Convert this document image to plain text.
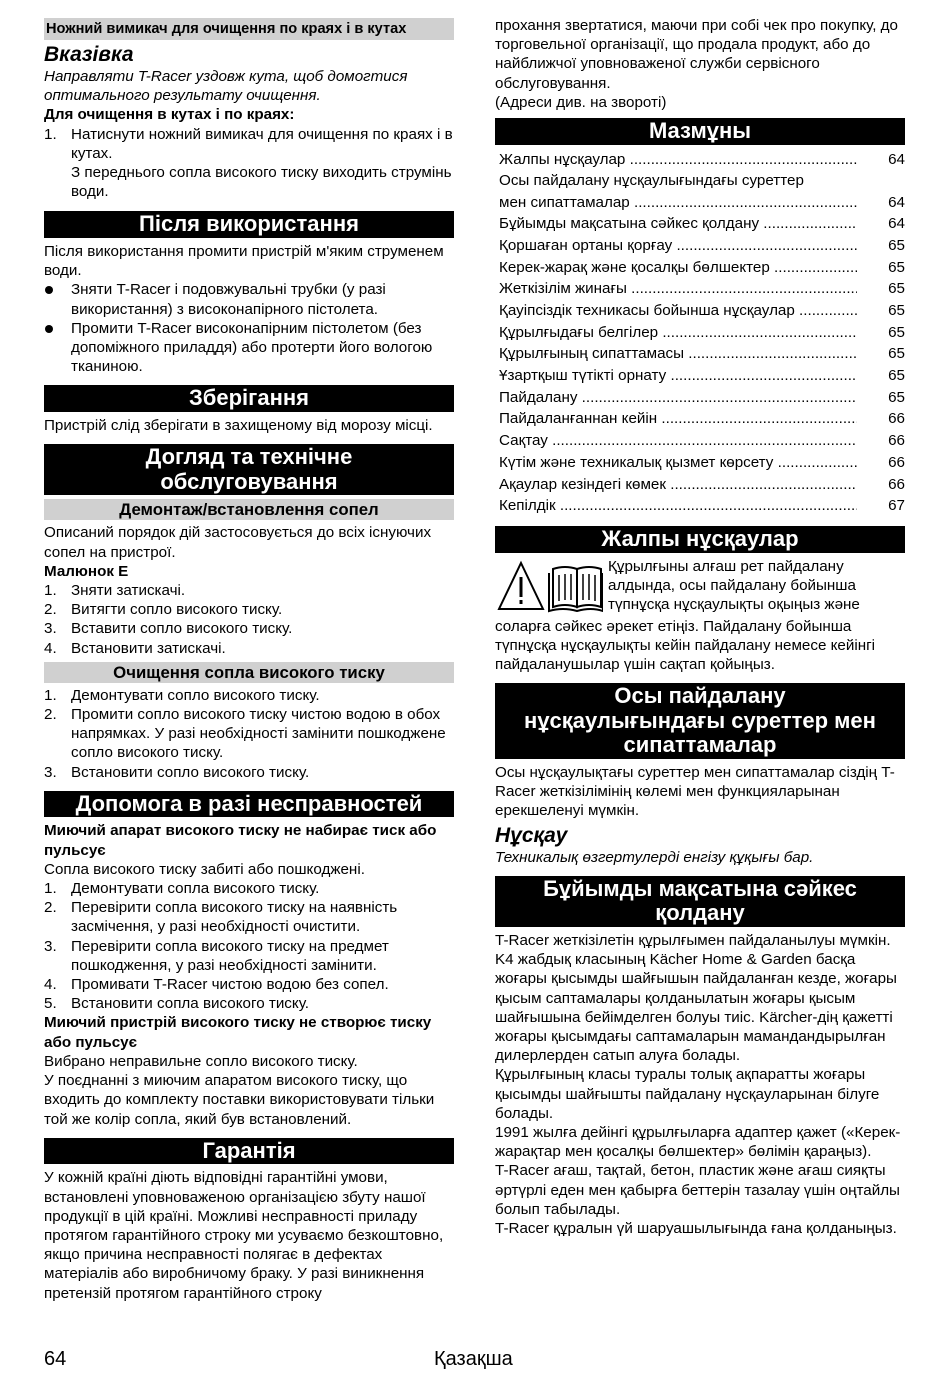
Ножний вимикач для очищення по краях і в кутах
Вказівка

Направляти T-Racer уздовж кута, щоб домогтися оптимального результату очищення.

Для очищення в кутах і по краях:

1. Натиснути ножний вимикач для очищення по краях і в кутах.

З переднього сопла високого тиску виходить струмінь води.

Після використання

Після використання промити пристрій м'яким струменем води.

Зняти T-Racer і подовжувальні трубки (у разі використання) з високонапірного пістолета.
Промити T-Racer високонапірним пістолетом (без допоміжного приладдя) або протерти його вологою тканиною.
Зберігання

Пристрій слід зберігати в захищеному від морозу місці.

Догляд та технічне
обслуговування
Демонтаж/встановлення сопел

Описаний порядок дій застосовується до всіх існуючих сопел на пристрої.

Малюнок E

1. Зняти затискачі.
2. Витягти сопло високого тиску.
3. Вставити сопло високого тиску.
4. Встановити затискачі.
Очищення сопла високого тиску
1. Демонтувати сопло високого тиску.
2. Промити сопло високого тиску чистою водою в обох напрямках. У разі необхідності замінити пошкоджене сопло високого тиску.
3. Встановити сопло високого тиску.
Допомога в разі несправностей

Миючий апарат високого тиску не набирає тиск або пульсує

Сопла високого тиску забиті або пошкоджені.

1. Демонтувати сопла високого тиску.
2. Перевірити сопла високого тиску на наявність засмічення, у разі необхідності очистити.
3. Перевірити сопла високого тиску на предмет пошкодження, у разі необхідності замінити.
4. Промивати T-Racer чистою водою без сопел.
5. Встановити сопла високого тиску.

Миючий пристрій високого тиску не створює тиску або пульсує

Вибрано неправильне сопло високого тиску.

У поєднанні з миючим апаратом високого тиску, що входить до комплекту поставки використовувати тільки той же колір сопла, який був встановлений.

Гарантія

У кожній країні діють відповідні гарантійні умови, встановлені уповноваженою організацією збуту нашої продукції в цій країні. Можливі несправності приладу протягом гарантійного строку ми усуваємо безкоштовно, якщо причина несправності полягає в дефектах матеріалів або виробничому браку. У разі виникнення претензій протягом гарантійного строку

прохання звертатися, маючи при собі чек про покупку, до торговельної організації, що продала продукт, або до найближчої уповноваженої служби сервісного обслуговування.

(Адреси див. на звороті)

Мазмұны
Жалпы нұсқаулар .....	64
Осы пайдалану нұсқаулығындағы суреттер
мен сипаттамалар .....	64
Бұйымды мақсатына сәйкес қолдану .....	64
Қоршаған ортаны қорғау .....	65
Керек-жарақ және қосалқы бөлшектер .....	65
Жеткізілім жинағы .....	65
Қауіпсіздік техникасы бойынша нұсқаулар .....	65
Құрылғыдағы белгілер .....	65
Құрылғының сипаттамасы .....	65
Ұзартқыш түтікті орнату .....	65
Пайдалану .....	65
Пайдаланғаннан кейін .....	66
Сақтау .....	66
Күтім және техникалық қызмет көрсету .....	66
Ақаулар кезіндегі көмек .....	66
Кепілдік .....	67
Жалпы нұсқаулар

Құрылғыны алғаш рет пайдалану алдында, осы пайдалану бойынша түпнұсқа нұсқаулықты оқыңыз және

соларға сәйкес әрекет етіңіз. Пайдалану бойынша түпнұсқа нұсқаулықты кейін пайдалану немесе кейінгі пайдаланушылар үшін сақтап қойыңыз.

Осы пайдалану
нұсқаулығындағы суреттер мен
сипаттамалар

Осы нұсқаулықтағы суреттер мен сипаттамалар сіздің T-Racer жеткізілімінің көлемі мен функцияларынан ерекшеленуі мүмкін.

Нұсқау

Техникалық өзгертулерді енгізу құқығы бар.

Бұйымды мақсатына сәйкес
қолдану

T-Racer жеткізілетін құрылғымен пайдаланылуы мүмкін. K4 жабдық класының Kächer Home & Garden басқа жоғары қысымды шайғышын пайдаланған кезде, жоғары қысым саптамалары қолданылатын жоғары қысым шайғышына бейімделген болуы тиіс. Kärcher-дің қажетті жоғары қысымдағы саптамаларын мамандандырылған дилерлерден сатып алуға болады.

Құрылғының класы туралы толық ақпаратты жоғары қысымды шайғышты пайдалану нұсқауларынан білуге болады.

1991 жылға дейінгі құрылғыларға адаптер қажет («Керек-жарақтар мен қосалқы бөлшектер» бөлімін қараңыз).

T-Racer ағаш, тақтай, бетон, пластик және ағаш сияқты әртүрлі еден мен қабырға беттерін тазалау үшін оңтайлы болып табылады.

T-Racer құралын үй шаруашылығында ғана қолданыңыз.

64	Қазақша
